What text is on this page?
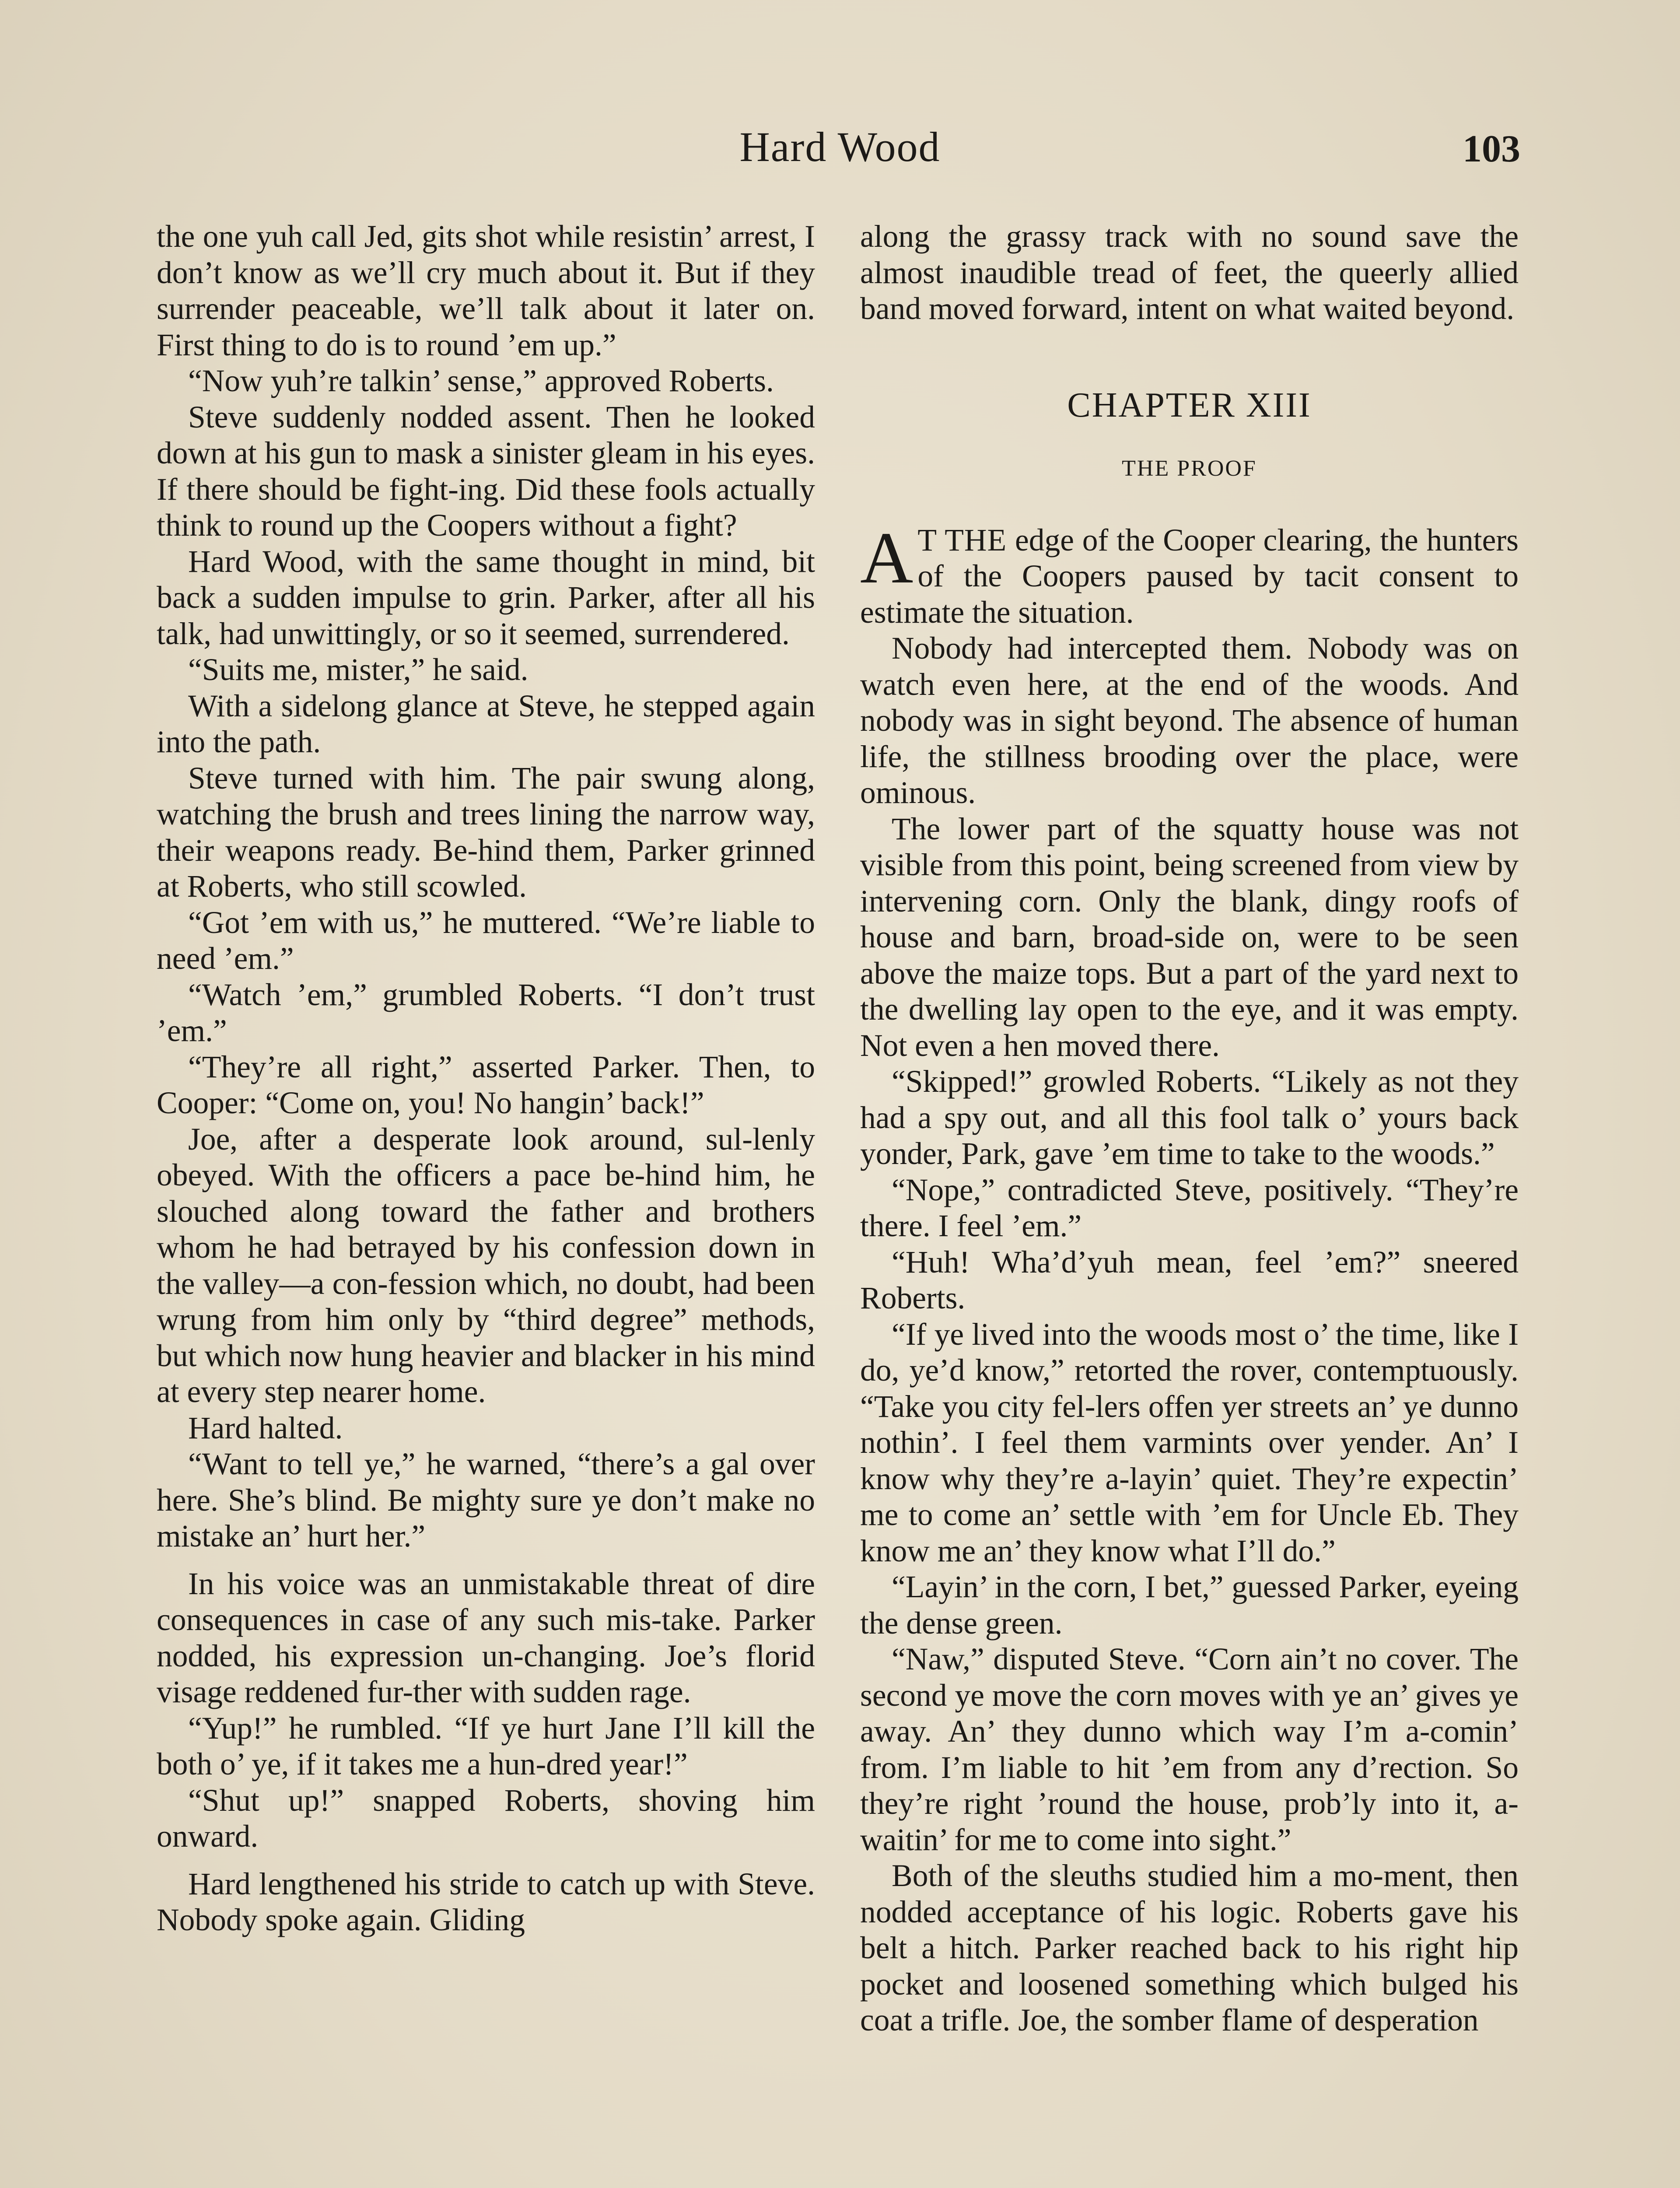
Hard Wood	103

the one yuh call Jed, gits shot while resistin’ arrest, I don’t know as we’ll cry much about it. But if they surrender peaceable, we’ll talk about it later on. First thing to do is to round ’em up.”

“Now yuh’re talkin’ sense,” approved Roberts.

Steve suddenly nodded assent. Then he looked down at his gun to mask a sinister gleam in his eyes. If there should be fight-ing. Did these fools actually think to round up the Coopers without a fight?

Hard Wood, with the same thought in mind, bit back a sudden impulse to grin. Parker, after all his talk, had unwittingly, or so it seemed, surrendered.

“Suits me, mister,” he said.

With a sidelong glance at Steve, he stepped again into the path.

Steve turned with him. The pair swung along, watching the brush and trees lining the narrow way, their weapons ready. Be-hind them, Parker grinned at Roberts, who still scowled.

“Got ’em with us,” he muttered. “We’re liable to need ’em.”

“Watch ’em,” grumbled Roberts. “I don’t trust ’em.”

“They’re all right,” asserted Parker. Then, to Cooper: “Come on, you! No hangin’ back!”

Joe, after a desperate look around, sul-lenly obeyed. With the officers a pace be-hind him, he slouched along toward the father and brothers whom he had betrayed by his confession down in the valley—a con-fession which, no doubt, had been wrung from him only by “third degree” methods, but which now hung heavier and blacker in his mind at every step nearer home.

Hard halted.

“Want to tell ye,” he warned, “there’s a gal over here. She’s blind. Be mighty sure ye don’t make no mistake an’ hurt her.”

In his voice was an unmistakable threat of dire consequences in case of any such mis-take. Parker nodded, his expression un-changing. Joe’s florid visage reddened fur-ther with sudden rage.

“Yup!” he rumbled. “If ye hurt Jane I’ll kill the both o’ ye, if it takes me a hun-dred year!”

“Shut up!” snapped Roberts, shoving him onward.

Hard lengthened his stride to catch up with Steve. Nobody spoke again. Gliding

along the grassy track with no sound save the almost inaudible tread of feet, the queerly allied band moved forward, intent on what waited beyond.

CHAPTER XIII
THE PROOF

A T THE edge of the Cooper clearing, the hunters of the Coopers paused by tacit consent to estimate the situation.

Nobody had intercepted them. Nobody was on watch even here, at the end of the woods. And nobody was in sight beyond. The absence of human life, the stillness brooding over the place, were ominous.

The lower part of the squatty house was not visible from this point, being screened from view by intervening corn. Only the blank, dingy roofs of house and barn, broad-side on, were to be seen above the maize tops. But a part of the yard next to the dwelling lay open to the eye, and it was empty. Not even a hen moved there.

“Skipped!” growled Roberts. “Likely as not they had a spy out, and all this fool talk o’ yours back yonder, Park, gave ’em time to take to the woods.”

“Nope,” contradicted Steve, positively. “They’re there. I feel ’em.”

“Huh! Wha’d’yuh mean, feel ’em?” sneered Roberts.

“If ye lived into the woods most o’ the time, like I do, ye’d know,” retorted the rover, contemptuously. “Take you city fel-lers offen yer streets an’ ye dunno nothin’. I feel them varmints over yender. An’ I know why they’re a-layin’ quiet. They’re expectin’ me to come an’ settle with ’em for Uncle Eb. They know me an’ they know what I’ll do.”

“Layin’ in the corn, I bet,” guessed Parker, eyeing the dense green.

“Naw,” disputed Steve. “Corn ain’t no cover. The second ye move the corn moves with ye an’ gives ye away. An’ they dunno which way I’m a-comin’ from. I’m liable to hit ’em from any d’rection. So they’re right ’round the house, prob’ly into it, a-waitin’ for me to come into sight.”

Both of the sleuths studied him a mo-ment, then nodded acceptance of his logic. Roberts gave his belt a hitch. Parker reached back to his right hip pocket and loosened something which bulged his coat a trifle. Joe, the somber flame of desperation
